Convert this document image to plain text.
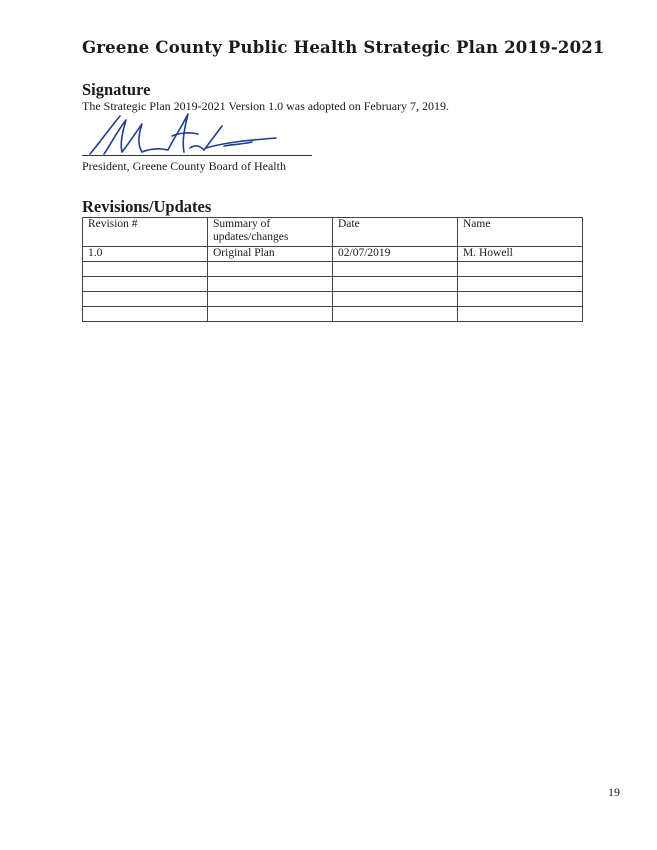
Greene County Public Health Strategic Plan 2019-2021
Signature
The Strategic Plan 2019-2021 Version 1.0 was adopted on February 7, 2019.
President, Greene County Board of Health
Revisions/Updates
Revision #	Summary of updates/changes	Date	Name
1.0	Original Plan	02/07/2019	M. Howell

19
